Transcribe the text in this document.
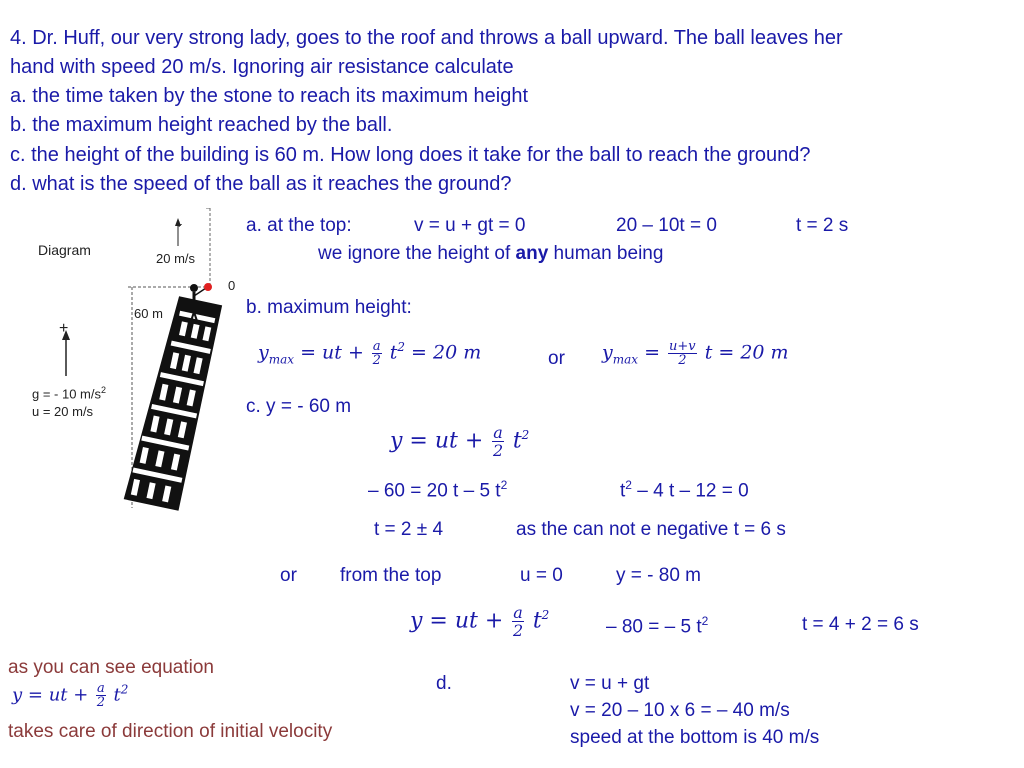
4. Dr. Huff, our very strong lady, goes to the roof and throws a ball upward. The ball leaves her
hand with speed 20 m/s. Ignoring air resistance calculate
a. the time taken by the stone to reach its maximum height
b. the maximum height reached by the ball.
c. the height of the building is 60 m. How long does it take for the ball to reach the ground?
d. what is the speed of the ball as it reaches the ground?
Diagram
+
20 m/s
0
60 m
+
g = - 10 $m/s^2$
u = 20 m/s
a. at the top:	v = u + gt = 0	20 – 10t = 0	t = 2 s
we ignore the height of any human being
b. maximum height:
$y_{max}$ = ut + $\frac{a}{2} t^2 = 20$ m	or $y_{max} = \frac{u+v}{2}$ t = 20 m
c. y = - 60 m
y = ut + $\frac{a}{2} t^2$
– 60 = 20 t – 5 $t^2$	$t^2 - 4$ t – 12 = 0
t = 2 ± 4	as the can not e negative t = 6 s
or from the top	u = 0	y = - 80 m
y = ut + $\frac{a}{2} t^2$
– 80 = – 5 $t^2$	t = 4 + 2 = 6 s
d.	v = u + gt
v = 20 – 10 x 6 = – 40 m/s
speed at the bottom is 40 m/s
as you can see equation
y = ut + $\frac{a}{2} t^2$
takes care of direction of initial velocity
